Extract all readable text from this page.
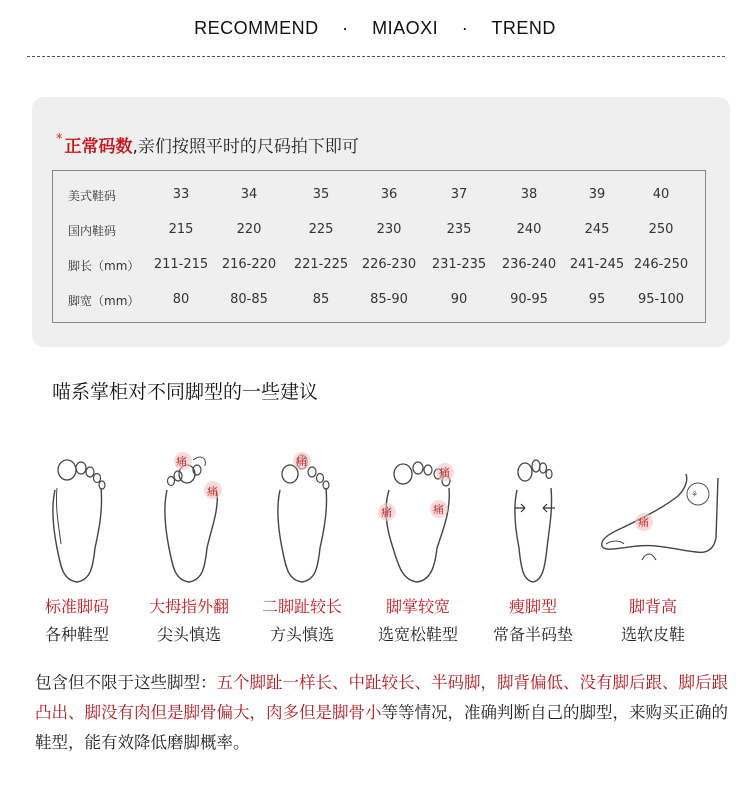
RECOMMEND · MIAOXI · TREND
* 正常码数,亲们按照平时的尺码拍下即可
美式鞋码	33	34	35	36	37	38	39	40
国内鞋码	215	220	225	230	235	240	245	250
脚长（mm）	211-215	216-220	221-225	226-230	231-235	236-240	241-245 246-250
脚宽（mm）	80	80-85	85	85-90	90	90-95	95	95-100
喵系掌柜对不同脚型的一些建议
标准脚码
各种鞋型
痛
痛
大拇指外翻
尖头慎选
痛
二脚趾较长
方头慎选
痛
痛	痛
脚掌较宽
选宽松鞋型
瘦脚型
常备半码垫
⚘
痛
脚背高
选软皮鞋
包含但不限于这些脚型：五个脚趾一样长、中趾较长、半码脚，脚背偏低、没有脚后跟、脚后跟凸出、脚没有肉但是脚骨偏大，肉多但是脚骨小等等情况，准确判断自己的脚型，来购买正确的鞋型，能有效降低磨脚概率。
